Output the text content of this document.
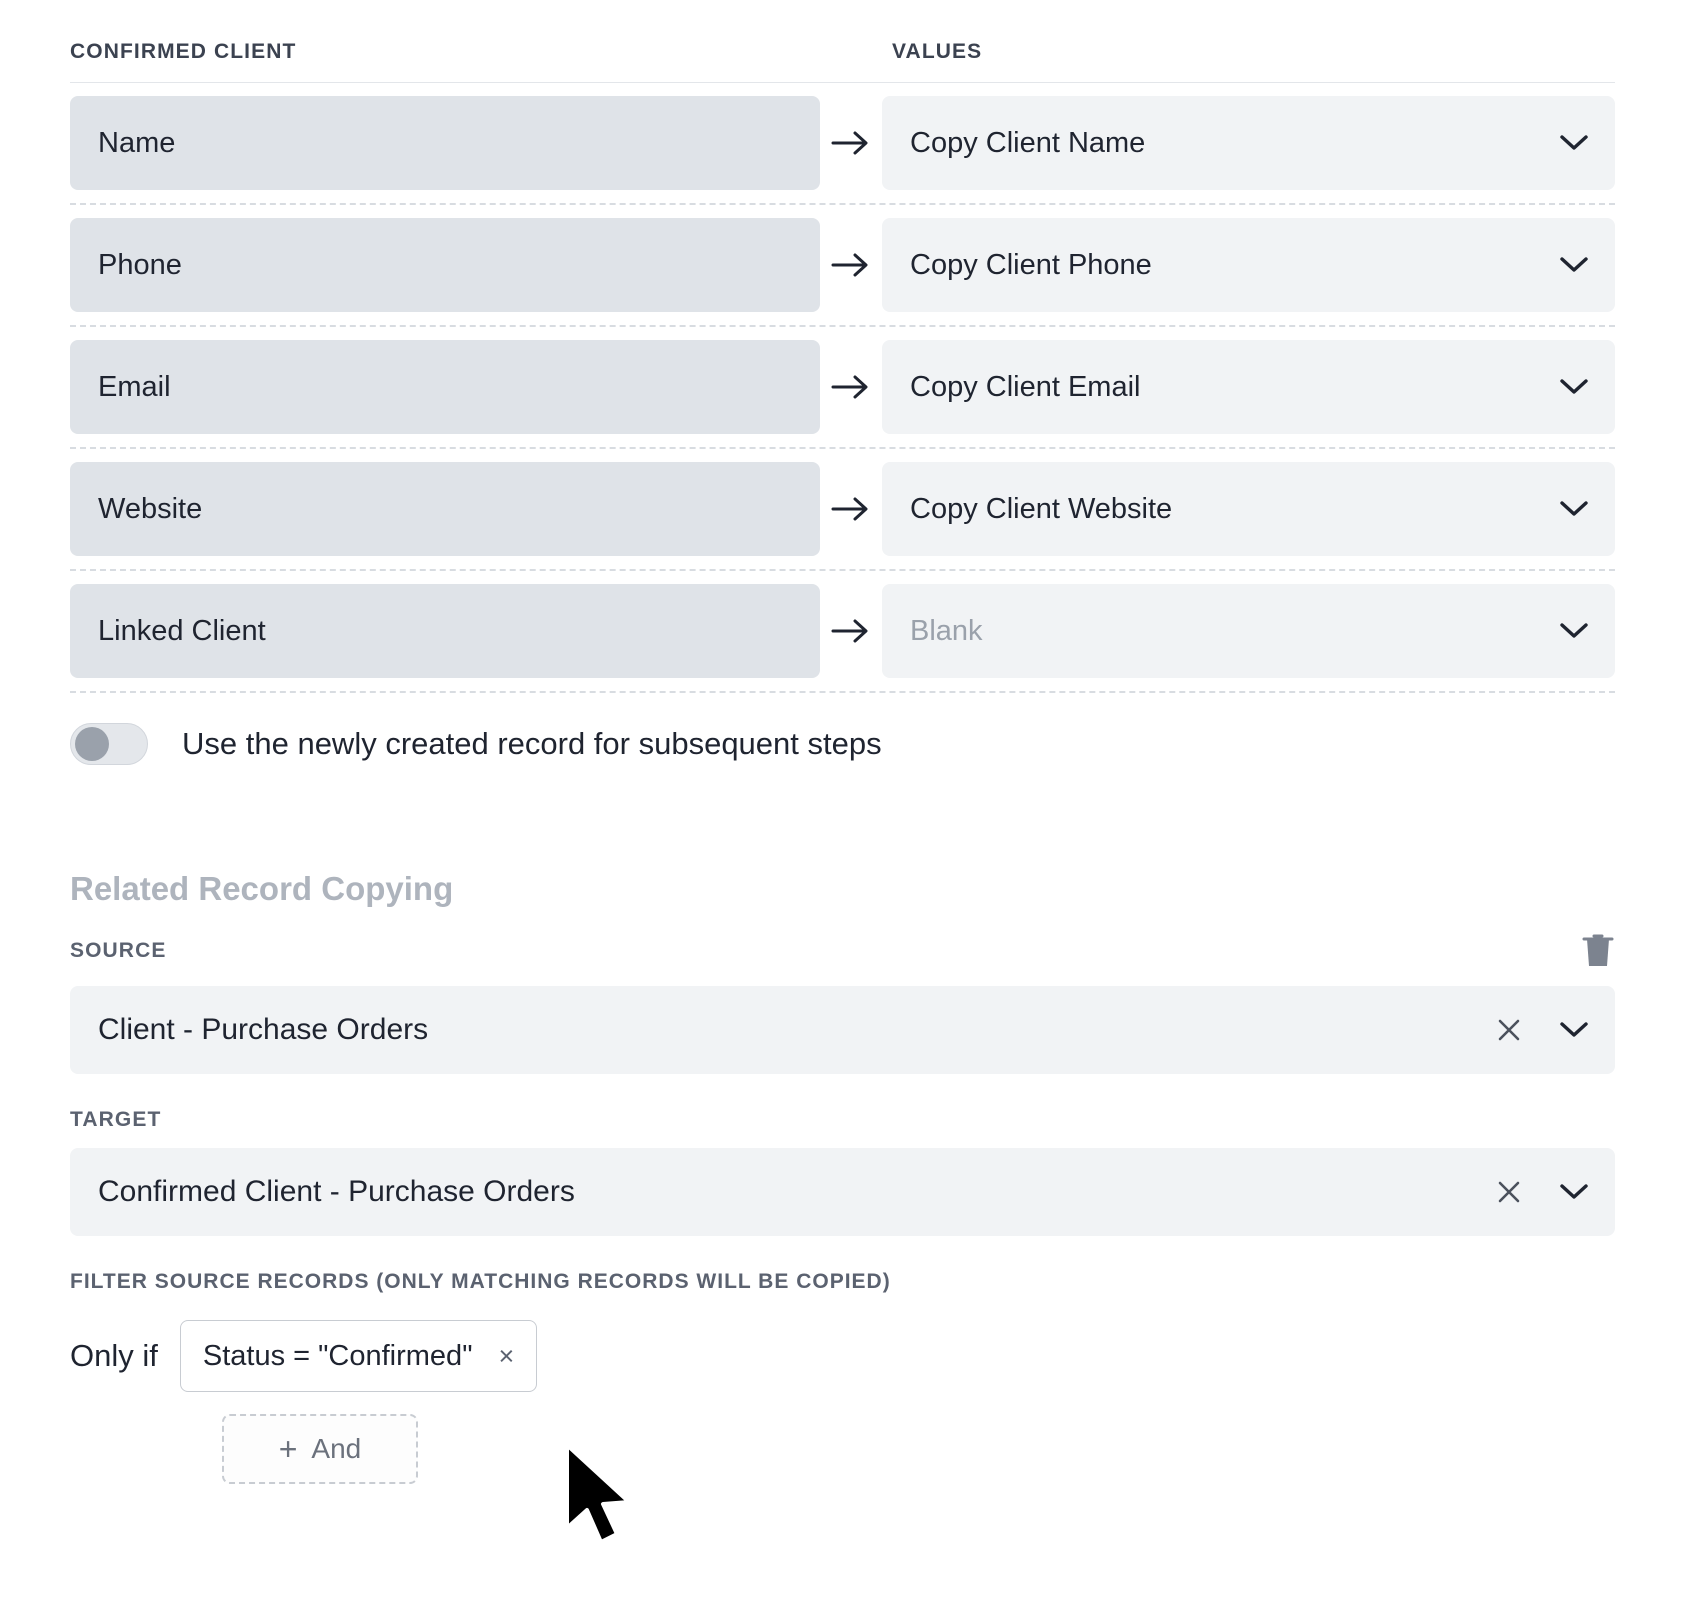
CONFIRMED CLIENT	VALUES
Name	Copy Client Name
Phone	Copy Client Phone
Email	Copy Client Email
Website	Copy Client Website
Linked Client	Blank
Use the newly created record for subsequent steps
Related Record Copying
SOURCE
Client - Purchase Orders
TARGET
Confirmed Client - Purchase Orders
FILTER SOURCE RECORDS (ONLY MATCHING RECORDS WILL BE COPIED)
Only if Status = "Confirmed" ×
+ And
